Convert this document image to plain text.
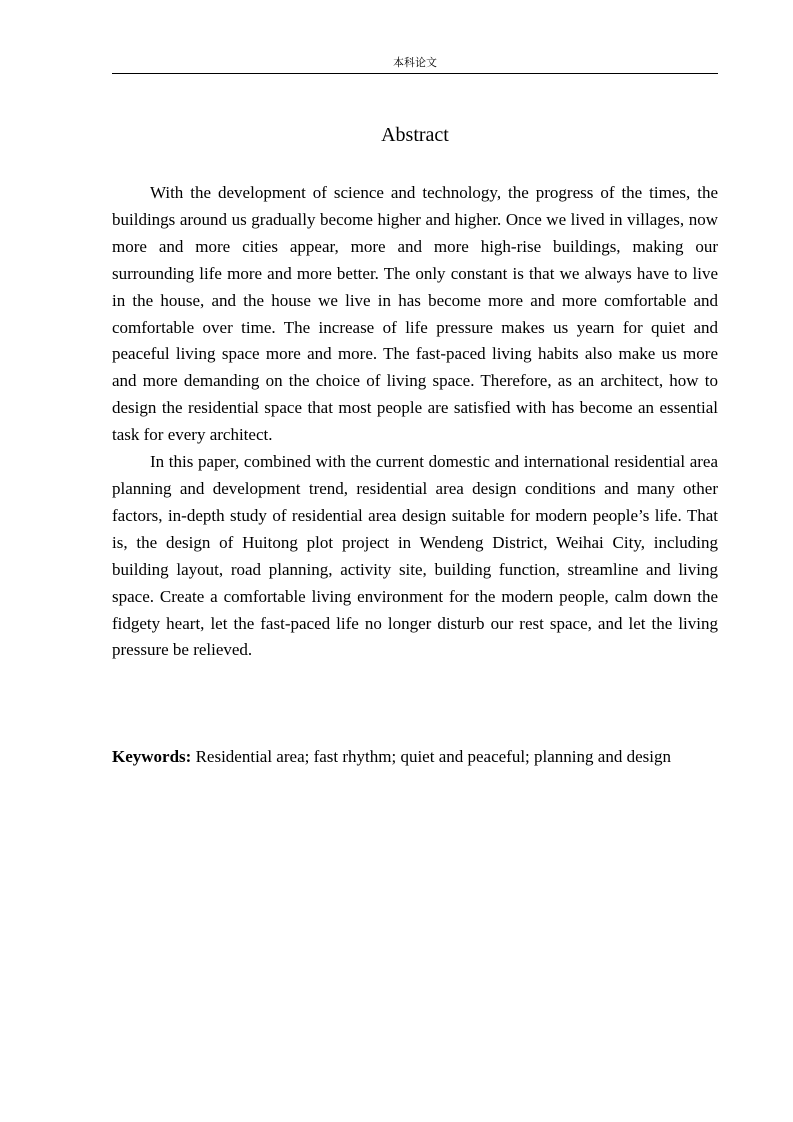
本科论文
Abstract

With the development of science and technology, the progress of the times, the buildings around us gradually become higher and higher. Once we lived in villages, now more and more cities appear, more and more high-rise buildings, making our surrounding life more and more better. The only constant is that we always have to live in the house, and the house we live in has become more and more comfortable and comfortable over time. The increase of life pressure makes us yearn for quiet and peaceful living space more and more. The fast-paced living habits also make us more and more demanding on the choice of living space. Therefore, as an architect, how to design the residential space that most people are satisfied with has become an essential task for every architect.

In this paper, combined with the current domestic and international residential area planning and development trend, residential area design conditions and many other factors, in-depth study of residential area design suitable for modern people’s life. That is, the design of Huitong plot project in Wendeng District, Weihai City, including building layout, road planning, activity site, building function, streamline and living space. Create a comfortable living environment for the modern people, calm down the fidgety heart, let the fast-paced life no longer disturb our rest space, and let the living pressure be relieved.

Keywords: Residential area; fast rhythm; quiet and peaceful; planning and design
